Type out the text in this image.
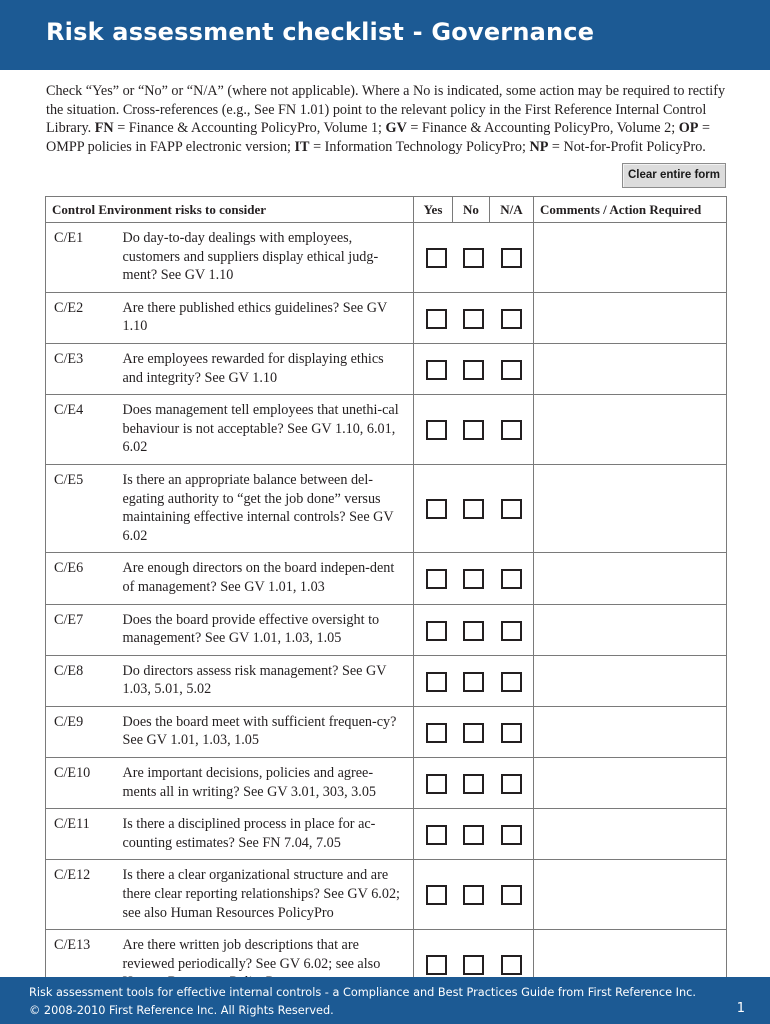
Risk assessment checklist - Governance
Check “Yes” or “No” or “N/A” (where not applicable). Where a No is indicated, some action may be required to rectify the situation. Cross-references (e.g., See FN 1.01) point to the relevant policy in the First Reference Internal Control Library. FN = Finance & Accounting PolicyPro, Volume 1; GV = Finance & Accounting PolicyPro, Volume 2; OP = OMPP policies in FAPP electronic version; IT = Information Technology PolicyPro; NP = Not-for-Profit PolicyPro.
Clear entire form
Control Environment risks to consider		Yes No N/A	Comments / Action Required
C/E1	Do day-to-day dealings with employees, customers and suppliers display ethical judg-ment? See GV 1.10	

C/E2	Are there published ethics guidelines? See GV 1.10	

C/E3	Are employees rewarded for displaying ethics and integrity? See GV 1.10	

C/E4	Does management tell employees that unethi-cal behaviour is not acceptable? See GV 1.10, 6.01, 6.02	

C/E5	Is there an appropriate balance between del-egating authority to “get the job done” versus maintaining effective internal controls? See GV 6.02	

C/E6	Are enough directors on the board indepen-dent of management? See GV 1.01, 1.03	

C/E7	Does the board provide effective oversight to management? See GV 1.01, 1.03, 1.05	

C/E8	Do directors assess risk management? See GV 1.03, 5.01, 5.02	

C/E9	Does the board meet with sufficient frequen-cy? See GV 1.01, 1.03, 1.05	

C/E10	Are important decisions, policies and agree-ments all in writing? See GV 3.01, 303, 3.05	

C/E11	Is there a disciplined process in place for ac-counting estimates? See FN 7.04, 7.05	

C/E12	Is there a clear organizational structure and are there clear reporting relationships? See GV 6.02; see also Human Resources PolicyPro	

C/E13	Are there written job descriptions that are reviewed periodically? See GV 6.02; see also	

Risk assessment tools for effective internal controls - a Compliance and Best Practices Guide from First Reference Inc.
© 2008-2010 First Reference Inc. All Rights Reserved.	1
